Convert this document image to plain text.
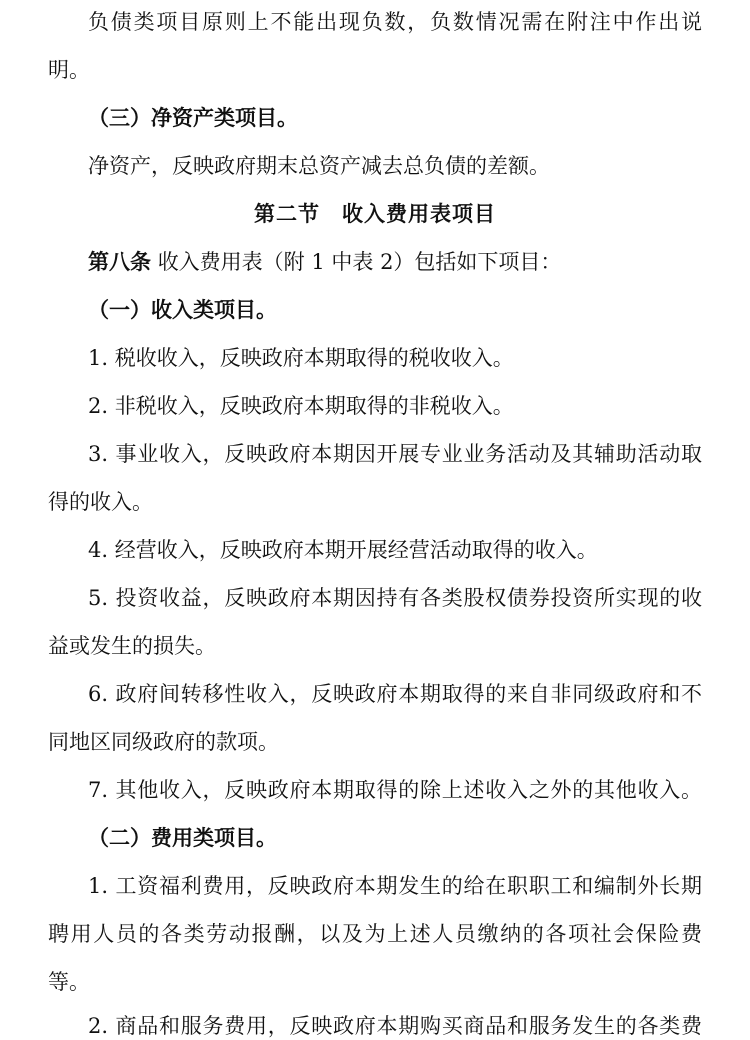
负债类项目原则上不能出现负数，负数情况需在附注中作出说

明。

（三）净资产类项目。

净资产，反映政府期末总资产减去总负债的差额。

第二节　收入费用表项目

第八条 收入费用表（附 1 中表 2）包括如下项目：

（一）收入类项目。

1. 税收收入，反映政府本期取得的税收收入。

2. 非税收入，反映政府本期取得的非税收入。

3. 事业收入，反映政府本期因开展专业业务活动及其辅助活动取

得的收入。

4. 经营收入，反映政府本期开展经营活动取得的收入。

5. 投资收益，反映政府本期因持有各类股权债券投资所实现的收

益或发生的损失。

6. 政府间转移性收入，反映政府本期取得的来自非同级政府和不

同地区同级政府的款项。

7. 其他收入，反映政府本期取得的除上述收入之外的其他收入。

（二）费用类项目。

1. 工资福利费用，反映政府本期发生的给在职职工和编制外长期

聘用人员的各类劳动报酬，以及为上述人员缴纳的各项社会保险费

等。

2. 商品和服务费用，反映政府本期购买商品和服务发生的各类费
